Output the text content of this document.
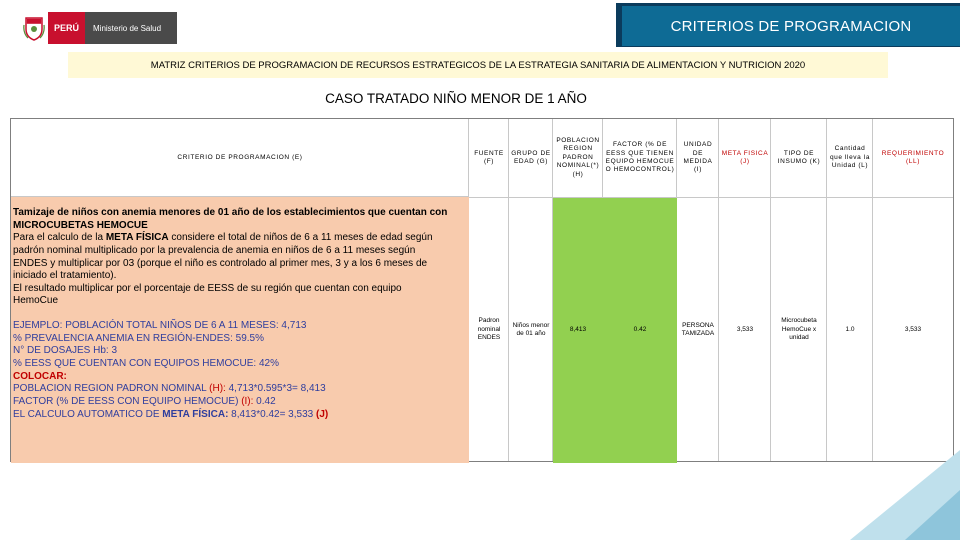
PERÚ	Ministerio de Salud	CRITERIOS DE PROGRAMACION
MATRIZ CRITERIOS DE PROGRAMACION DE RECURSOS ESTRATEGICOS DE LA ESTRATEGIA SANITARIA DE ALIMENTACION Y NUTRICION 2020
CASO TRATADO NIÑO MENOR DE 1 AÑO
CRITERIO DE PROGRAMACION (E)

Tamizaje de niños con anemia menores de 01 año de los establecimientos que cuentan con

MICROCUBETAS HEMOCUE

Para el calculo de la META FÍSICA considere el total de niños de 6 a 11 meses de edad según

padrón nominal multiplicado por la prevalencia de anemia en niños de 6 a 11 meses según

ENDES y multiplicar por 03 (porque el niño es controlado al primer mes, 3 y a los 6 meses de

iniciado el tratamiento).

El resultado multiplicar por el porcentaje de EESS de su región que cuentan con equipo

HemoCue

EJEMPLO: POBLACIÓN TOTAL NIÑOS DE 6 A 11 MESES: 4,713

% PREVALENCIA ANEMIA EN REGIÓN-ENDES: 59.5%

N° DE DOSAJES Hb: 3

% EESS QUE CUENTAN CON EQUIPOS HEMOCUE: 42%

COLOCAR:

POBLACION REGION PADRON NOMINAL (H): 4,713*0.595*3= 8,413

FACTOR (% DE EESS CON EQUIPO HEMOCUE) (I): 0.42

EL CALCULO AUTOMATICO DE META FÍSICA: 8,413*0.42= 3,533 (J)

FUENTE (F)
Padron nominal ENDES
GRUPO DE EDAD (G)
Niños menor de 01 año
POBLACION REGION PADRON NOMINAL(*) (H)
8,413
FACTOR (% DE EESS QUE TIENEN EQUIPO HEMOCUE O HEMOCONTROL)
0.42
UNIDAD DE MEDIDA (I)
PERSONA TAMIZADA
META FISICA (J)
3,533
TIPO DE INSUMO (K)
Microcubeta HemoCue x unidad
Cantidad que lleva la Unidad (L)
1.0
REQUERIMIENTO (LL)
3,533
